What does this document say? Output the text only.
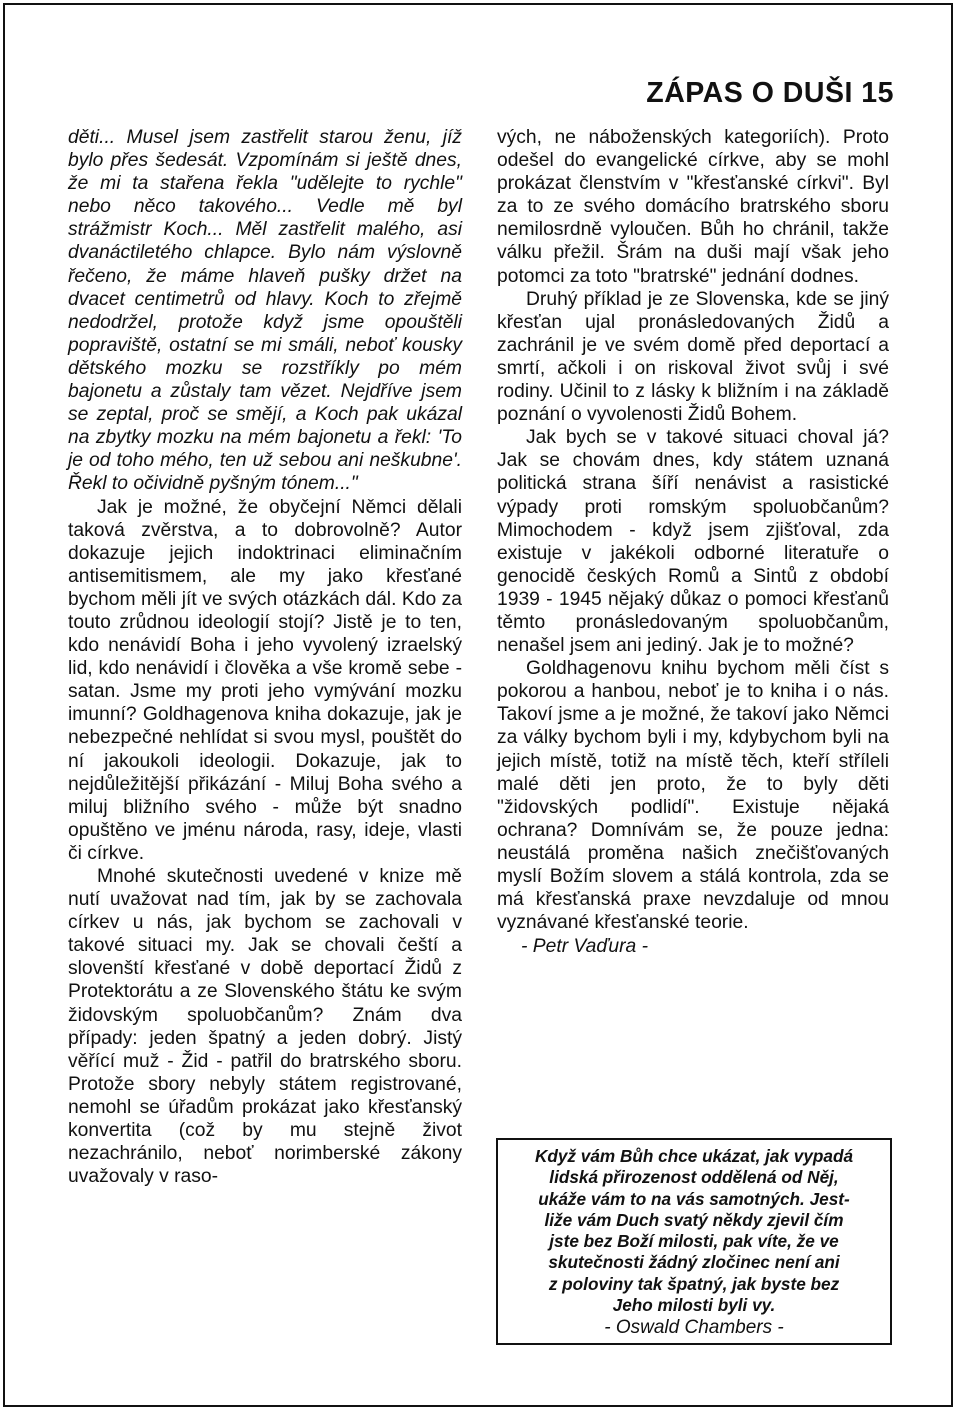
ZÁPAS O DUŠI 15

děti... Musel jsem zastřelit starou ženu, jíž bylo přes šedesát. Vzpomínám si ještě dnes, že mi ta stařena řekla "udělejte to rychle" nebo něco takového... Vedle mě byl strážmistr Koch... Měl zastřelit malého, asi dvanáctiletého chlapce. Bylo nám výslovně řečeno, že máme hlaveň pušky držet na dvacet centimetrů od hlavy. Koch to zřejmě nedodržel, protože když jsme opouštěli popraviště, ostatní se mi smáli, neboť kousky dětského mozku se rozstříkly po mém bajonetu a zůstaly tam vězet. Nejdříve jsem se zeptal, proč se smějí, a Koch pak ukázal na zbytky mozku na mém bajonetu a řekl: 'To je od toho mého, ten už sebou ani neškubne'. Řekl to očividně pyšným tónem..."

Jak je možné, že obyčejní Němci dělali taková zvěrstva, a to dobrovolně? Autor dokazuje jejich indoktrinaci eliminačním antisemitismem, ale my jako křesťané bychom měli jít ve svých otázkách dál. Kdo za touto zrůdnou ideologií stojí? Jistě je to ten, kdo nenávidí Boha i jeho vyvolený izraelský lid, kdo nenávidí i člověka a vše kromě sebe - satan. Jsme my proti jeho vymývání mozku imunní? Goldhagenova kniha dokazuje, jak je nebezpečné nehlídat si svou mysl, pouštět do ní jakoukoli ideologii. Dokazuje, jak to nejdůležitější přikázání - Miluj Boha svého a miluj bližního svého - může být snadno opuštěno ve jménu národa, rasy, ideje, vlasti či církve.

Mnohé skutečnosti uvedené v knize mě nutí uvažovat nad tím, jak by se zachovala církev u nás, jak bychom se zachovali v takové situaci my. Jak se chovali čeští a slovenští křesťané v době deportací Židů z Protektorátu a ze Slovenského štátu ke svým židovským spoluobčanům? Znám dva případy: jeden špatný a jeden dobrý. Jistý věřící muž - Žid - patřil do bratrského sboru. Protože sbory nebyly státem registrované, nemohl se úřadům prokázat jako křesťanský konvertita (což by mu stejně život nezachránilo, neboť norimberské zákony uvažovaly v raso-

vých, ne náboženských kategoriích). Proto odešel do evangelické církve, aby se mohl prokázat členstvím v "křesťanské církvi". Byl za to ze svého domácího bratrského sboru nemilosrdně vyloučen. Bůh ho chránil, takže válku přežil. Šrám na duši mají však jeho potomci za toto "bratrské" jednání dodnes.

Druhý příklad je ze Slovenska, kde se jiný křesťan ujal pronásledovaných Židů a zachránil je ve svém domě před deportací a smrtí, ačkoli i on riskoval život svůj i své rodiny. Učinil to z lásky k bližním i na základě poznání o vyvolenosti Židů Bohem.

Jak bych se v takové situaci choval já? Jak se chovám dnes, kdy státem uznaná politická strana šíří nenávist a rasistické výpady proti romským spoluobčanům? Mimochodem - když jsem zjišťoval, zda existuje v jakékoli odborné literatuře o genocidě českých Romů a Sintů z období 1939 - 1945 nějaký důkaz o pomoci křesťanů těmto pronásledovaným spoluobčanům, nenašel jsem ani jediný. Jak je to možné?

Goldhagenovu knihu bychom měli číst s pokorou a hanbou, neboť je to kniha i o nás. Takoví jsme a je možné, že takoví jako Němci za války bychom byli i my, kdybychom byli na jejich místě, totiž na místě těch, kteří stříleli malé děti jen proto, že to byly děti "židovských podlidí". Existuje nějaká ochrana? Domnívám se, že pouze jedna: neustálá proměna našich znečišťovaných myslí Božím slovem a stálá kontrola, zda se má křesťanská praxe nevzdaluje od mnou vyznávané křesťanské teorie.

- Petr Vaďura -

Když vám Bůh chce ukázat, jak vypadá
lidská přirozenost oddělená od Něj,
ukáže vám to na vás samotných. Jest-
liže vám Duch svatý někdy zjevil čím
jste bez Boží milosti, pak víte, že ve
skutečnosti žádný zločinec není ani
z poloviny tak špatný, jak byste bez
Jeho milosti byli vy.
- Oswald Chambers -
